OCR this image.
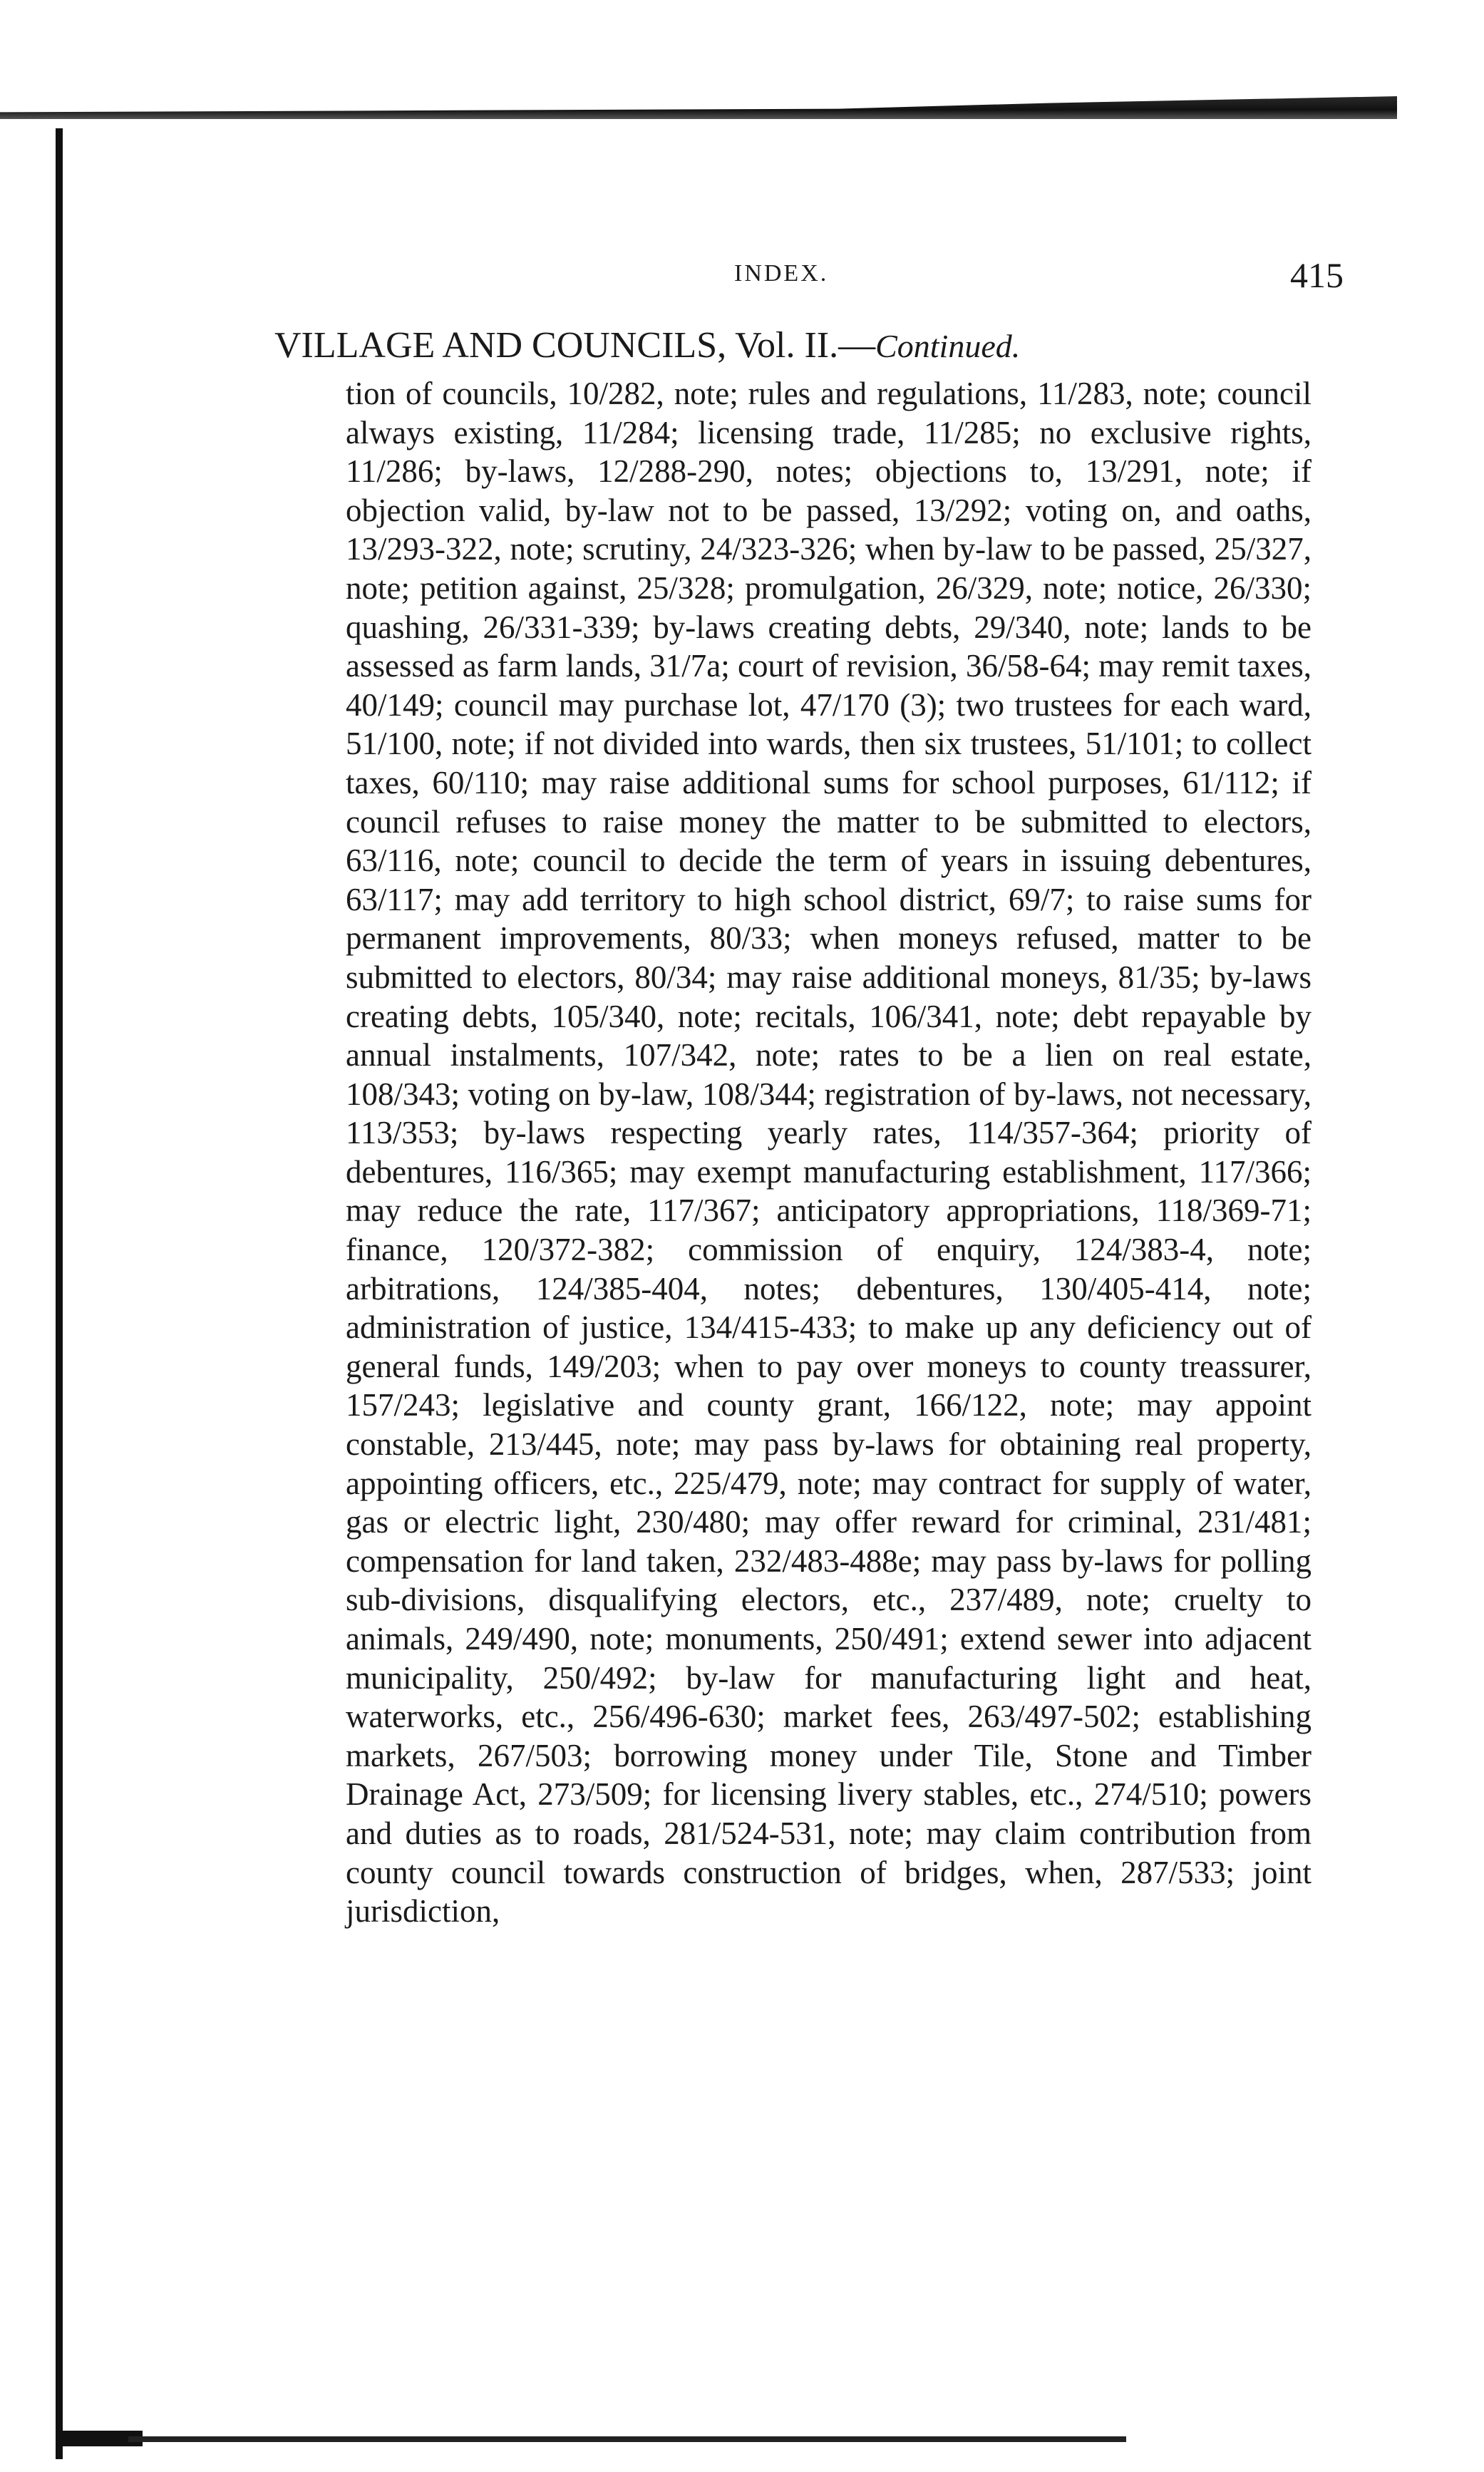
INDEX.	415
VILLAGE AND COUNCILS, Vol. II.—Continued.
tion of councils, 10/282, note; rules and regulations, 11/283, note; council always existing, 11/284; licensing trade, 11/285; no exclusive rights, 11/286; by-laws, 12/288-290, notes; objections to, 13/291, note; if objection valid, by-law not to be passed, 13/292; voting on, and oaths, 13/293-322, note; scrutiny, 24/323-326; when by-law to be passed, 25/327, note; petition against, 25/328; promulgation, 26/329, note; notice, 26/330; quashing, 26/331-339; by-laws creating debts, 29/340, note; lands to be assessed as farm lands, 31/7a; court of revision, 36/58-64; may remit taxes, 40/149; council may purchase lot, 47/170 (3); two trustees for each ward, 51/100, note; if not divided into wards, then six trustees, 51/101; to collect taxes, 60/110; may raise additional sums for school purposes, 61/112; if council refuses to raise money the matter to be submitted to electors, 63/116, note; council to decide the term of years in issuing debentures, 63/117; may add territory to high school district, 69/7; to raise sums for permanent improvements, 80/33; when moneys refused, matter to be submitted to electors, 80/34; may raise additional moneys, 81/35; by-laws creating debts, 105/340, note; recitals, 106/341, note; debt repayable by annual instalments, 107/342, note; rates to be a lien on real estate, 108/343; voting on by-law, 108/344; registration of by-laws, not necessary, 113/353; by-laws respecting yearly rates, 114/357-364; priority of debentures, 116/365; may exempt manufacturing establishment, 117/366; may reduce the rate, 117/367; anticipatory appropriations, 118/369-71; finance, 120/372-382; commission of enquiry, 124/383-4, note; arbitrations, 124/385-404, notes; debentures, 130/405-414, note; administration of justice, 134/415-433; to make up any deficiency out of general funds, 149/203; when to pay over moneys to county treassurer, 157/243; legislative and county grant, 166/122, note; may appoint constable, 213/445, note; may pass by-laws for obtaining real property, appointing officers, etc., 225/479, note; may contract for supply of water, gas or electric light, 230/480; may offer reward for criminal, 231/481; compensation for land taken, 232/483-488e; may pass by-laws for polling sub-divisions, disqualifying electors, etc., 237/489, note; cruelty to animals, 249/490, note; monuments, 250/491; extend sewer into adjacent municipality, 250/492; by-law for manufacturing light and heat, waterworks, etc., 256/496-630; market fees, 263/497-502; establishing markets, 267/503; borrowing money under Tile, Stone and Timber Drainage Act, 273/509; for licensing livery stables, etc., 274/510; powers and duties as to roads, 281/524-531, note; may claim contribution from county council towards construction of bridges, when, 287/533; joint jurisdiction,
